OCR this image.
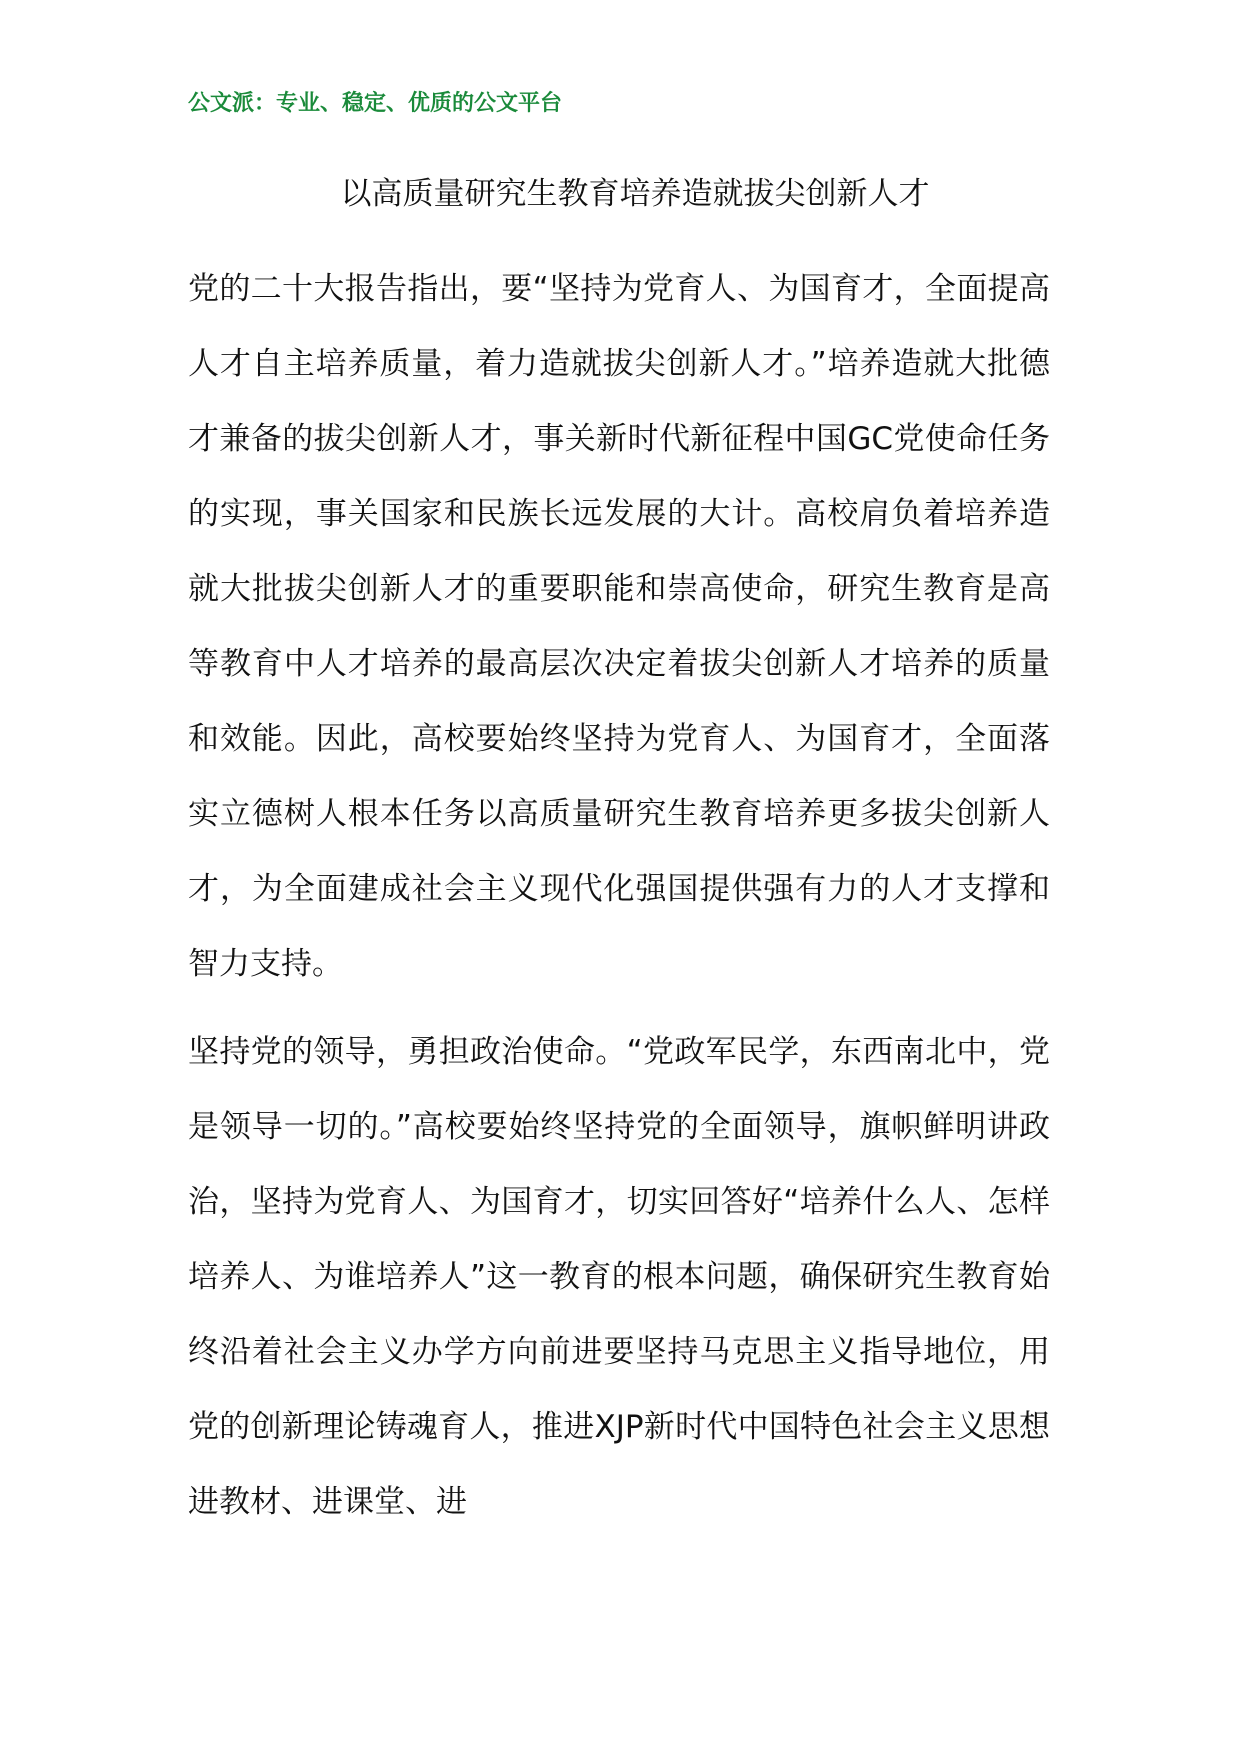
公文派：专业、稳定、优质的公文平台
以高质量研究生教育培养造就拔尖创新人才

党的二十大报告指出，要“坚持为党育人、为国育才，全面提高人才自主培养质量，着力造就拔尖创新人才。”培养造就大批德才兼备的拔尖创新人才，事关新时代新征程中国GC党使命任务的实现，事关国家和民族长远发展的大计。高校肩负着培养造就大批拔尖创新人才的重要职能和崇高使命，研究生教育是高等教育中人才培养的最高层次决定着拔尖创新人才培养的质量和效能。因此，高校要始终坚持为党育人、为国育才，全面落实立德树人根本任务以高质量研究生教育培养更多拔尖创新人才，为全面建成社会主义现代化强国提供强有力的人才支撑和智力支持。

坚持党的领导，勇担政治使命。“党政军民学，东西南北中，党是领导一切的。”高校要始终坚持党的全面领导，旗帜鲜明讲政治，坚持为党育人、为国育才，切实回答好“培养什么人、怎样培养人、为谁培养人”这一教育的根本问题，确保研究生教育始终沿着社会主义办学方向前进要坚持马克思主义指导地位，用党的创新理论铸魂育人，推进XJP新时代中国特色社会主义思想进教材、进课堂、进
